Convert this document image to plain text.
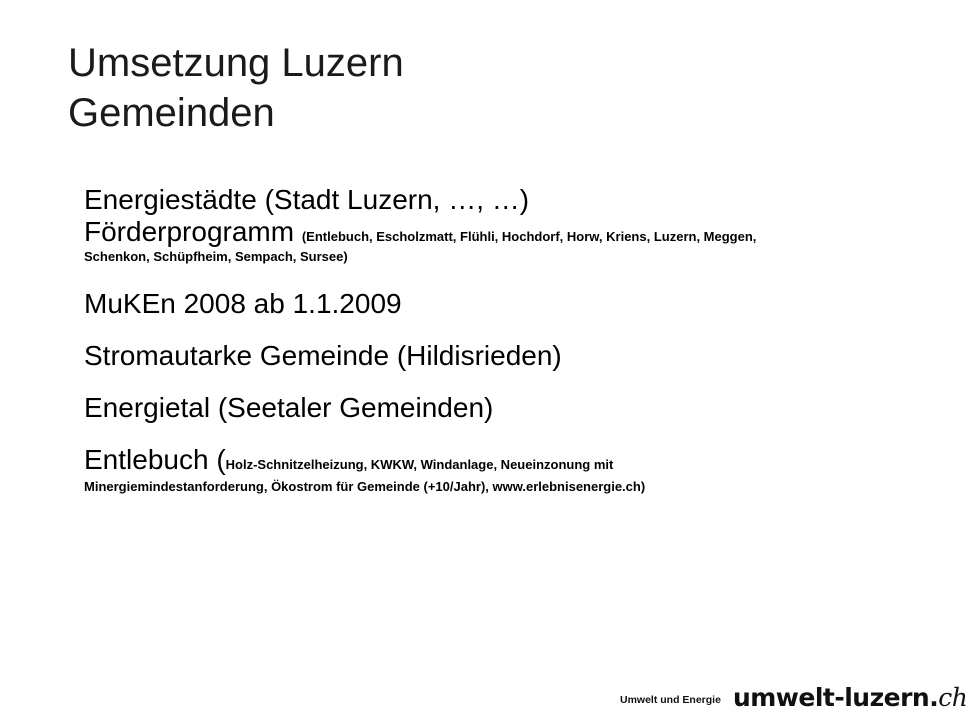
Umsetzung Luzern
Gemeinden

Energiestädte (Stadt Luzern, …, …)

Förderprogramm (Entlebuch, Escholzmatt, Flühli, Hochdorf, Horw, Kriens, Luzern, Meggen,
Schenkon, Schüpfheim, Sempach, Sursee)

MuKEn 2008 ab 1.1.2009

Stromautarke Gemeinde (Hildisrieden)

Energietal (Seetaler Gemeinden)

Entlebuch (Holz-Schnitzelheizung, KWKW, Windanlage, Neueinzonung mit
Minergiemindestanforderung, Ökostrom für Gemeinde (+10/Jahr), www.erlebnisenergie.ch)
Umwelt und Energie umwelt-luzern.ch
